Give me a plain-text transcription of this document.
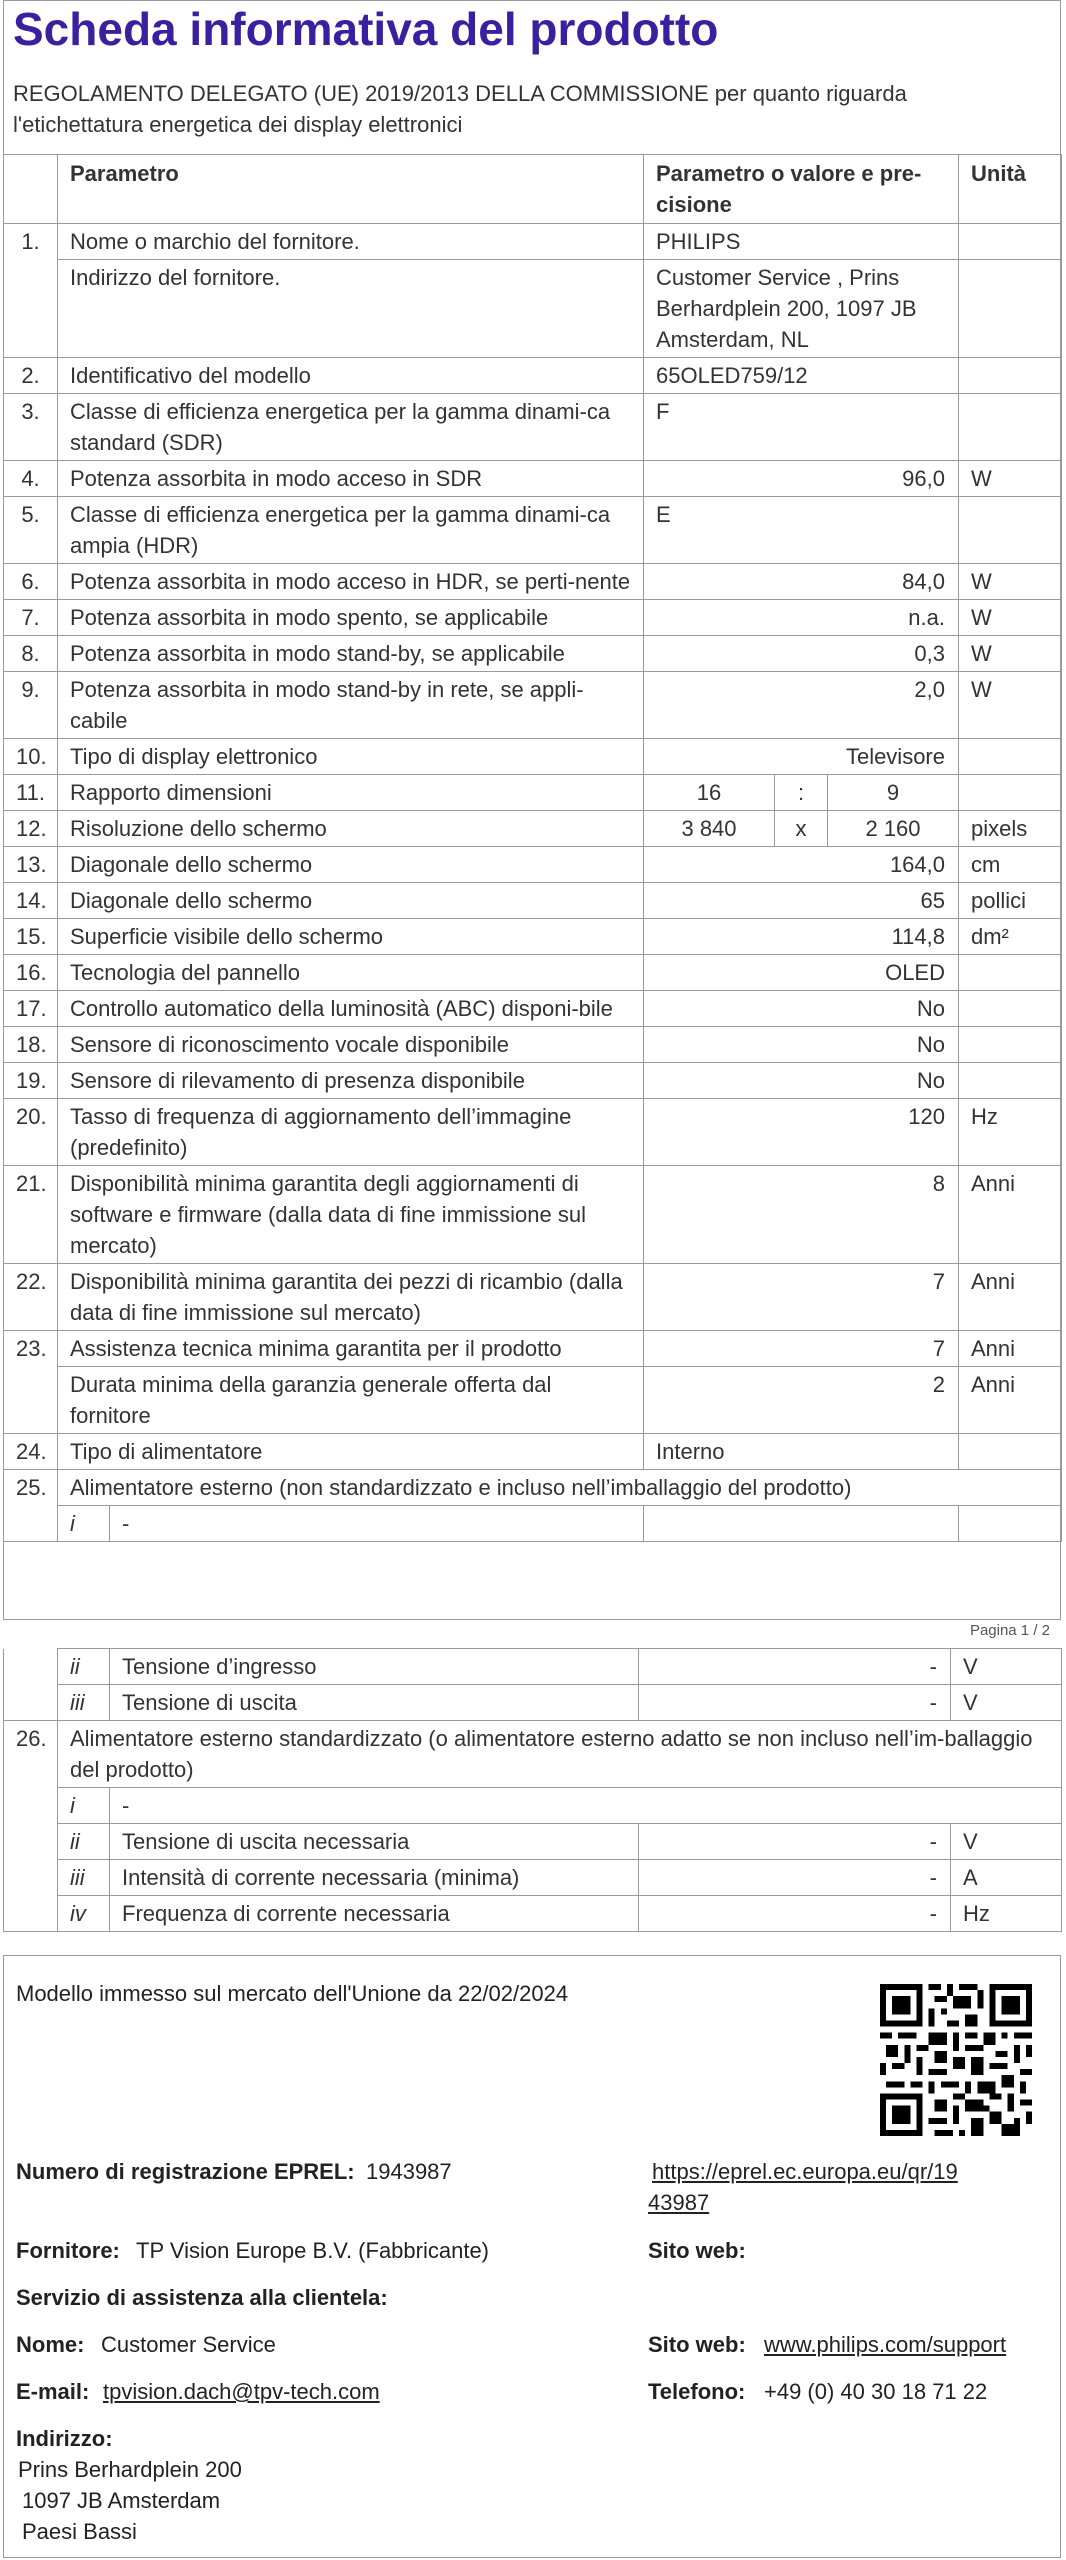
Scheda informativa del prodotto
REGOLAMENTO DELEGATO (UE) 2019/2013 DELLA COMMISSIONE per quanto riguarda l'etichettatura energetica dei display elettronici
	Parametro		Parametro o valore e pre-cisione			Unità
1.	Nome o marchio del fornitore.		PHILIPS			
	Indirizzo del fornitore.		Customer Service , Prins Berhardplein 200, 1097 JB Amsterdam, NL			
2.	Identificativo del modello		65OLED759/12			
3.	Classe di efficienza energetica per la gamma dinami-ca standard (SDR)		F			
4.	Potenza assorbita in modo acceso in SDR		96,0			W
5.	Classe di efficienza energetica per la gamma dinami-ca ampia (HDR)		E			
6.	Potenza assorbita in modo acceso in HDR, se perti-nente		84,0			W
7.	Potenza assorbita in modo spento, se applicabile		n.a.			W
8.	Potenza assorbita in modo stand-by, se applicabile		0,3			W
9.	Potenza assorbita in modo stand-by in rete, se appli-cabile		2,0			W
10.	Tipo di display elettronico		Televisore			
11.	Rapporto dimensioni		16	:	9	
12.	Risoluzione dello schermo		3 840	x	2 160	pixels
13.	Diagonale dello schermo		164,0			cm
14.	Diagonale dello schermo		65			pollici
15.	Superficie visibile dello schermo		114,8			dm²
16.	Tecnologia del pannello		OLED			
17.	Controllo automatico della luminosità (ABC) disponi-bile		No			
18.	Sensore di riconoscimento vocale disponibile		No			
19.	Sensore di rilevamento di presenza disponibile		No			
20.	Tasso di frequenza di aggiornamento dell’immagine (predefinito)		120			Hz
21.	Disponibilità minima garantita degli aggiornamenti di software e firmware (dalla data di fine immissione sul mercato)		8			Anni
22.	Disponibilità minima garantita dei pezzi di ricambio (dalla data di fine immissione sul mercato)		7			Anni
23.	Assistenza tecnica minima garantita per il prodotto		7			Anni
	Durata minima della garanzia generale offerta dal fornitore		2			Anni
24.	Tipo di alimentatore		Interno			
25.	Alimentatore esterno (non standardizzato e incluso nell’imballaggio del prodotto)					
	i	-				
Pagina 1 / 2
	ii	Tensione d’ingresso	-	V
	iii	Tensione di uscita	-	V
26.	Alimentatore esterno standardizzato (o alimentatore esterno adatto se non incluso nell’im-ballaggio del prodotto)			
	i	-		
	ii	Tensione di uscita necessaria	-	V
	iii	Intensità di corrente necessaria (minima)	-	A
	iv	Frequenza di corrente necessaria	-	Hz
Modello immesso sul mercato dell'Unione da 22/02/2024
Numero di registrazione EPREL: 1943987	https://eprel.ec.europa.eu/qr/19
43987
Fornitore: TP Vision Europe B.V. (Fabbricante)	Sito web:
Servizio di assistenza alla clientela:
Nome: Customer Service	Sito web: www.philips.com/support
E-mail: tpvision.dach@tpv-tech.com	Telefono: +49 (0) 40 30 18 71 22
Indirizzo:
Prins Berhardplein 200
1097 JB Amsterdam
Paesi Bassi
